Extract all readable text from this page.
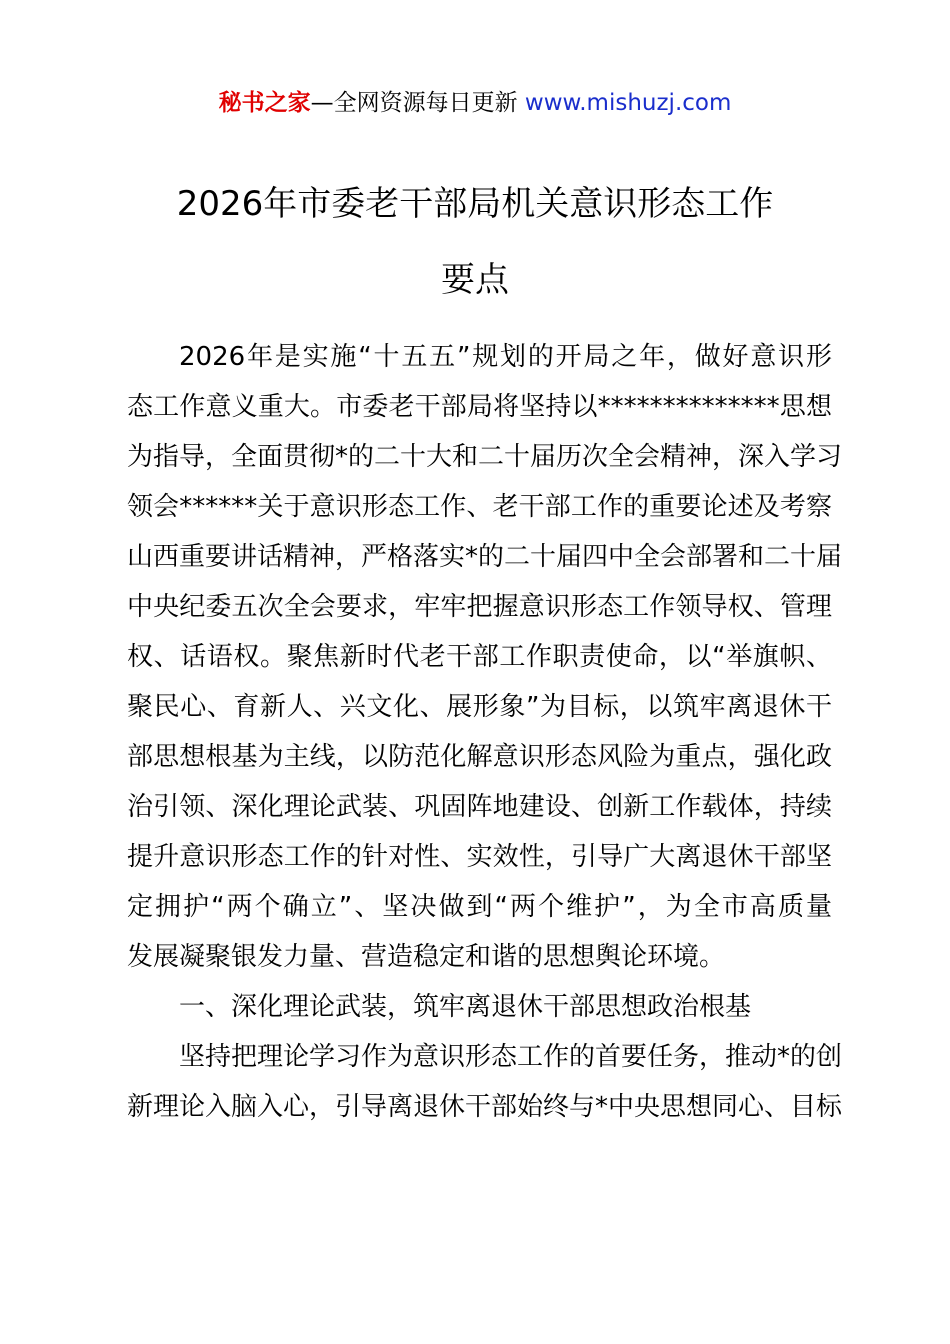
秘书之家—全网资源每日更新 www.mishuzj.com
2026年市委老干部局机关意识形态工作
要点
2026年是实施“十五五”规划的开局之年，做好意识形
态工作意义重大。市委老干部局将坚持以**************思想
为指导，全面贯彻*的二十大和二十届历次全会精神，深入学习
领会******关于意识形态工作、老干部工作的重要论述及考察
山西重要讲话精神，严格落实*的二十届四中全会部署和二十届
中央纪委五次全会要求，牢牢把握意识形态工作领导权、管理
权、话语权。聚焦新时代老干部工作职责使命，以“举旗帜、
聚民心、育新人、兴文化、展形象”为目标，以筑牢离退休干
部思想根基为主线，以防范化解意识形态风险为重点，强化政
治引领、深化理论武装、巩固阵地建设、创新工作载体，持续
提升意识形态工作的针对性、实效性，引导广大离退休干部坚
定拥护“两个确立”、坚决做到“两个维护”，为全市高质量
发展凝聚银发力量、营造稳定和谐的思想舆论环境。
一、深化理论武装，筑牢离退休干部思想政治根基
坚持把理论学习作为意识形态工作的首要任务，推动*的创
新理论入脑入心，引导离退休干部始终与*中央思想同心、目标
